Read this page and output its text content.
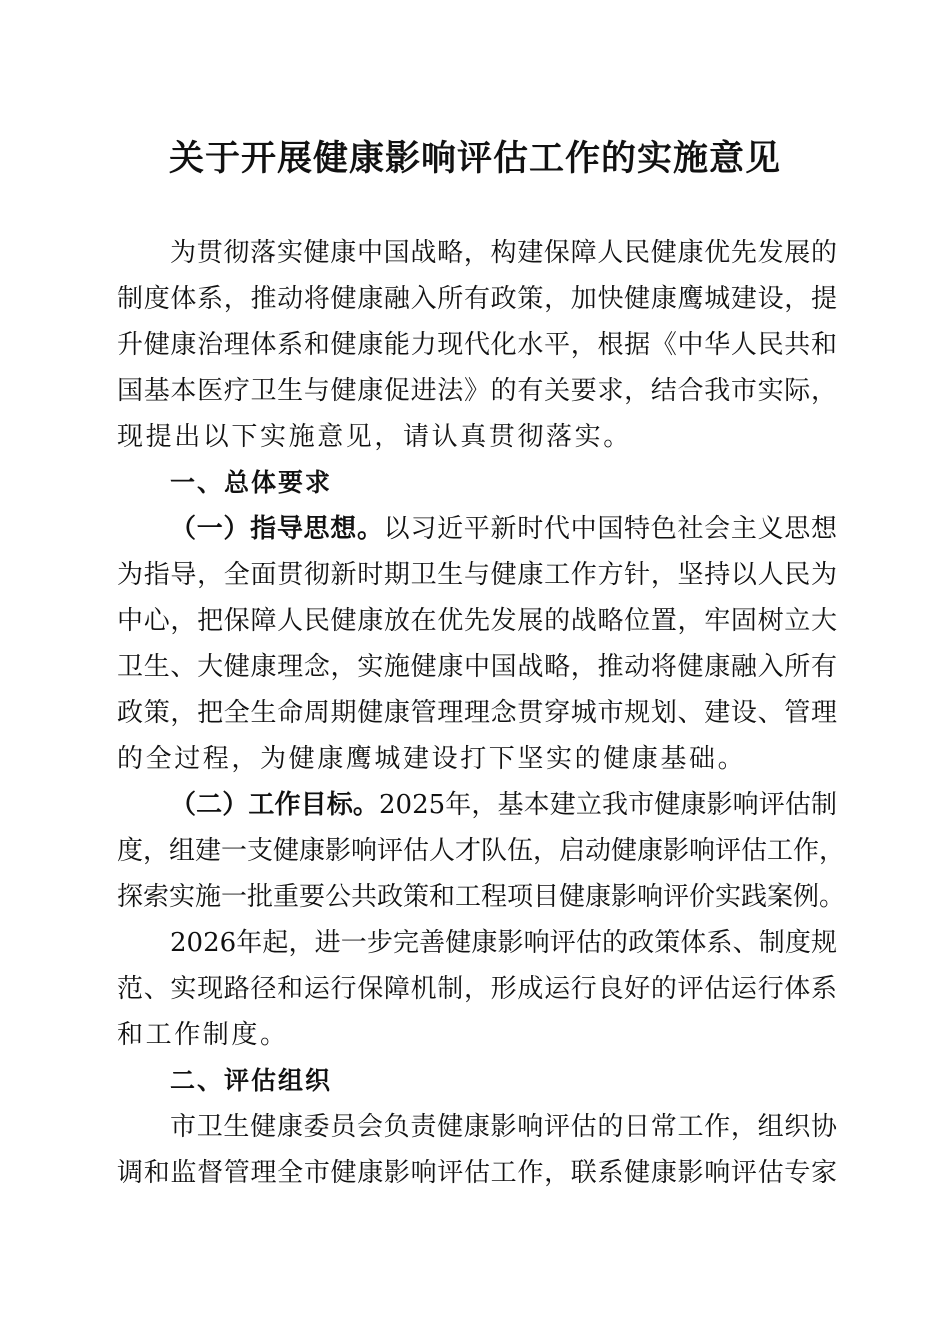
关于开展健康影响评估工作的实施意见
为贯彻落实健康中国战略，构建保障人民健康优先发展的
制度体系，推动将健康融入所有政策，加快健康鹰城建设，提
升健康治理体系和健康能力现代化水平，根据《中华人民共和
国基本医疗卫生与健康促进法》的有关要求，结合我市实际，
现提出以下实施意见，请认真贯彻落实。
一、总体要求
（一）指导思想。以习近平新时代中国特色社会主义思想
为指导，全面贯彻新时期卫生与健康工作方针，坚持以人民为
中心，把保障人民健康放在优先发展的战略位置，牢固树立大
卫生、大健康理念，实施健康中国战略，推动将健康融入所有
政策，把全生命周期健康管理理念贯穿城市规划、建设、管理
的全过程，为健康鹰城建设打下坚实的健康基础。
（二）工作目标。2025年，基本建立我市健康影响评估制
度，组建一支健康影响评估人才队伍，启动健康影响评估工作，
探索实施一批重要公共政策和工程项目健康影响评价实践案例。
2026年起，进一步完善健康影响评估的政策体系、制度规
范、实现路径和运行保障机制，形成运行良好的评估运行体系
和工作制度。
二、评估组织
市卫生健康委员会负责健康影响评估的日常工作，组织协
调和监督管理全市健康影响评估工作，联系健康影响评估专家
